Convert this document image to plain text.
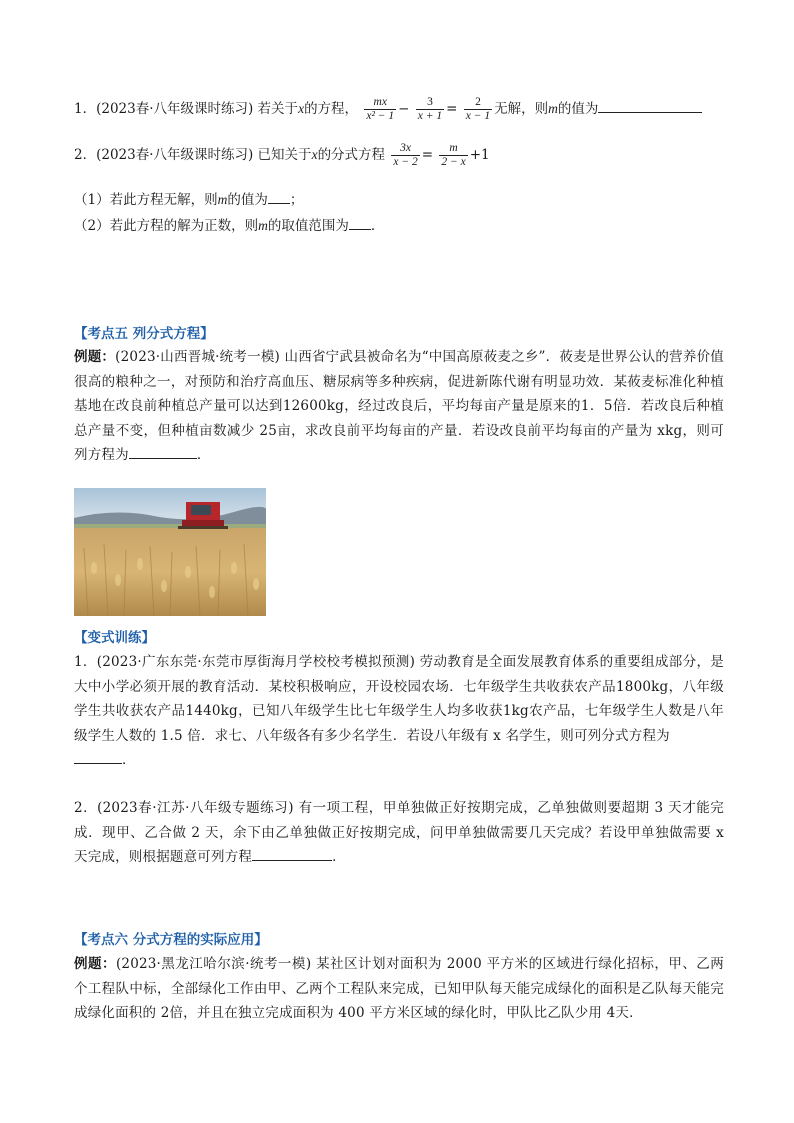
1．(2023春·八年级课时练习) 若关于x的方程， $\frac{mx}{\text{x² − 1}} - \frac{3}{x + 1} = \frac{2}{x - 1}$ 无解，则m的值为
2．(2023春·八年级课时练习) 已知关于x的分式方程 $\frac{3x}{x - 2} = \frac{m}{2 - x} +1$
（1）若此方程无解，则m的值为 ；
（2）若此方程的解为正数，则m的取值范围为 ．
【考点五 列分式方程】
例题：(2023·山西晋城·统考一模) 山西省宁武县被命名为“中国高原莜麦之乡”．莜麦是世界公认的营养价值很高的粮种之一，对预防和治疗高血压、糖尿病等多种疾病，促进新陈代谢有明显功效．某莜麦标准化种植基地在改良前种植总产量可以达到12600kg，经过改良后，平均每亩产量是原来的1．5倍．若改良后种植总产量不变，但种植亩数减少 25亩，求改良前平均每亩的产量．若设改良前平均每亩的产量为 xkg，则可列方程为	．
【变式训练】
1．(2023·广东东莞·东莞市厚街海月学校校考模拟预测) 劳动教育是全面发展教育体系的重要组成部分，是大中小学必须开展的教育活动．某校积极响应，开设校园农场．七年级学生共收获农产品1800kg，八年级学生共收获农产品1440kg，已知八年级学生比七年级学生人均多收获1kg农产品，七年级学生人数是八年级学生人数的 1.5 倍．求七、八年级各有多少名学生．若设八年级有 x 名学生，则可列分式方程为
．
2．(2023春·江苏·八年级专题练习) 有一项工程，甲单独做正好按期完成，乙单独做则要超期 3 天才能完成．现甲、乙合做 2 天，余下由乙单独做正好按期完成，问甲单独做需要几天完成？若设甲单独做需要 x 天完成，则根据题意可列方程	．
【考点六 分式方程的实际应用】
例题：(2023·黑龙江哈尔滨·统考一模) 某社区计划对面积为 2000 平方米的区域进行绿化招标，甲、乙两个工程队中标，全部绿化工作由甲、乙两个工程队来完成，已知甲队每天能完成绿化的面积是乙队每天能完成绿化面积的 2倍，并且在独立完成面积为 400 平方米区域的绿化时，甲队比乙队少用 4天．
